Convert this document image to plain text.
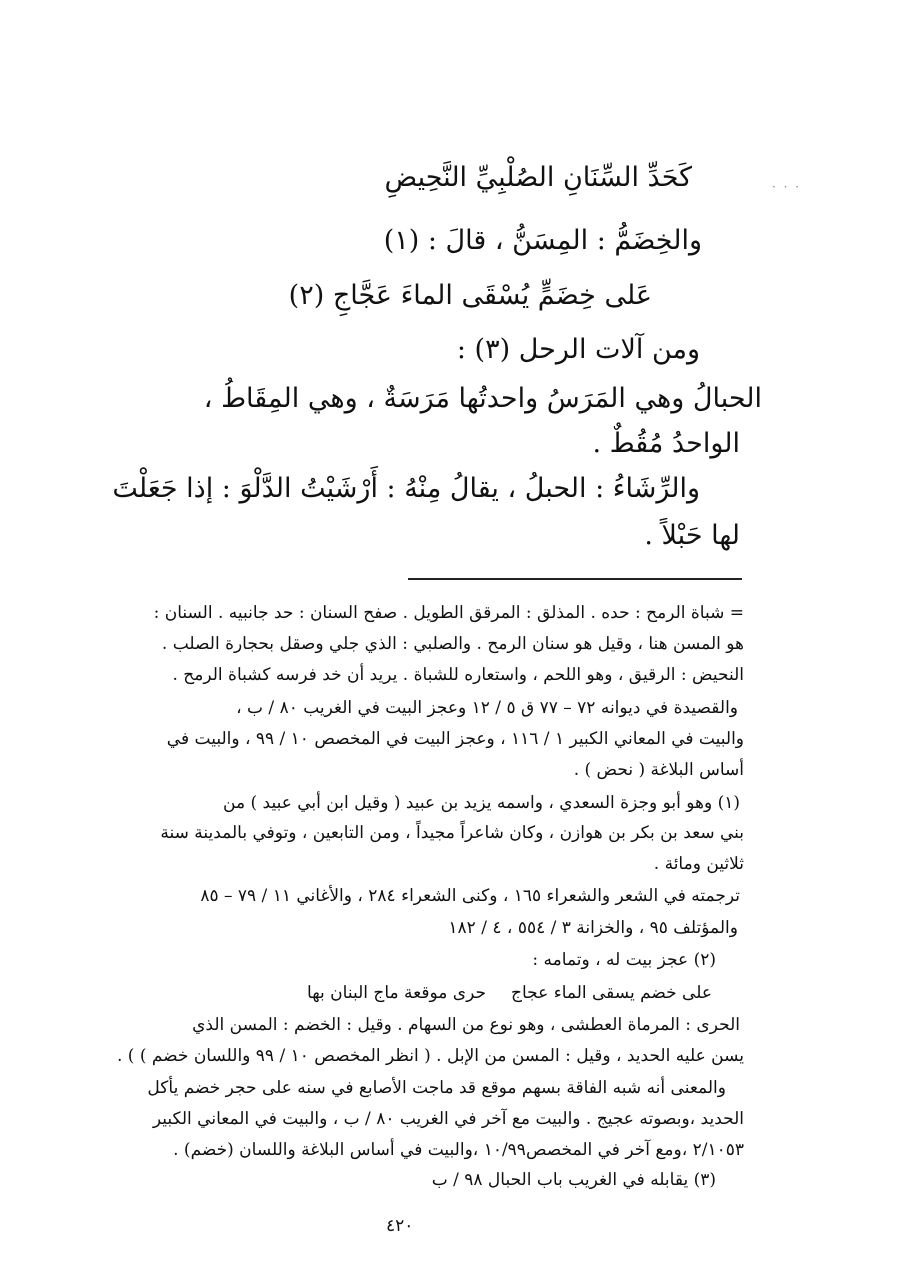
· · ·
كَحَدِّ السِّنَانِ الصُلْبِيِّ النَّحِيضِ
والخِضَمُّ : المِسَنُّ ، قالَ : (١)
عَلى خِضَمٍّ يُسْقَى الماءَ عَجَّاجِ (٢)
ومن آلات الرحل (٣) :
الحبالُ وهي المَرَسُ واحدتُها مَرَسَةٌ ، وهي المِقَاطُ ،
الواحدُ مُقُطٌ .
والرِّشَاءُ : الحبلُ ، يقالُ مِنْهُ : أَرْشَيْتُ الدَّلْوَ : إذا جَعَلْتَ
لها حَبْلاً .
= شباة الرمح : حده . المذلق : المرقق الطويل . صفح السنان : حد جانبيه . السنان :
هو المسن هنا ، وقيل هو سنان الرمح . والصلبي : الذي جلي وصقل بحجارة الصلب .
النحيض : الرقيق ، وهو اللحم ، واستعاره للشباة . يريد أن خد فرسه كشباة الرمح .
والقصيدة في ديوانه ٧٢ – ٧٧ ق ٥ / ١٢ وعجز البيت في الغريب ٨٠ / ب ،
والبيت في المعاني الكبير ١ / ١١٦ ، وعجز البيت في المخصص ١٠ / ٩٩ ، والبيت في
أساس البلاغة ( نحض ) .
(١) وهو أبو وجزة السعدي ، واسمه يزيد بن عبيد ( وقيل ابن أبي عبيد ) من
بني سعد بن بكر بن هوازن ، وكان شاعراً مجيداً ، ومن التابعين ، وتوفي بالمدينة سنة
ثلاثين ومائة .
ترجمته في الشعر والشعراء ١٦٥ ، وكنى الشعراء ٢٨٤ ، والأغاني ١١ / ٧٩ – ٨٥
والمؤتلف ٩٥ ، والخزانة ٣ / ٥٥٤ ، ٤ / ١٨٢
(٢) عجز بيت له ، وتمامه :
حرى موقعة ماج البنان بها على خضم يسقى الماء عجاج
الحرى : المرماة العطشى ، وهو نوع من السهام . وقيل : الخضم : المسن الذي
يسن عليه الحديد ، وقيل : المسن من الإبل . ( انظر المخصص ١٠ / ٩٩ واللسان خضم ) ) .
والمعنى أنه شبه الفاقة بسهم موقع قد ماجت الأصابع في سنه على حجر خضم يأكل
الحديد ،وبصوته عجيج . والبيت مع آخر في الغريب ٨٠ / ب ، والبيت في المعاني الكبير
٢/١٠٥٣ ،ومع آخر في المخصص١٠/٩٩ ،والبيت في أساس البلاغة واللسان (خضم) .
(٣) يقابله في الغريب باب الحبال ٩٨ / ب
٤٢٠
